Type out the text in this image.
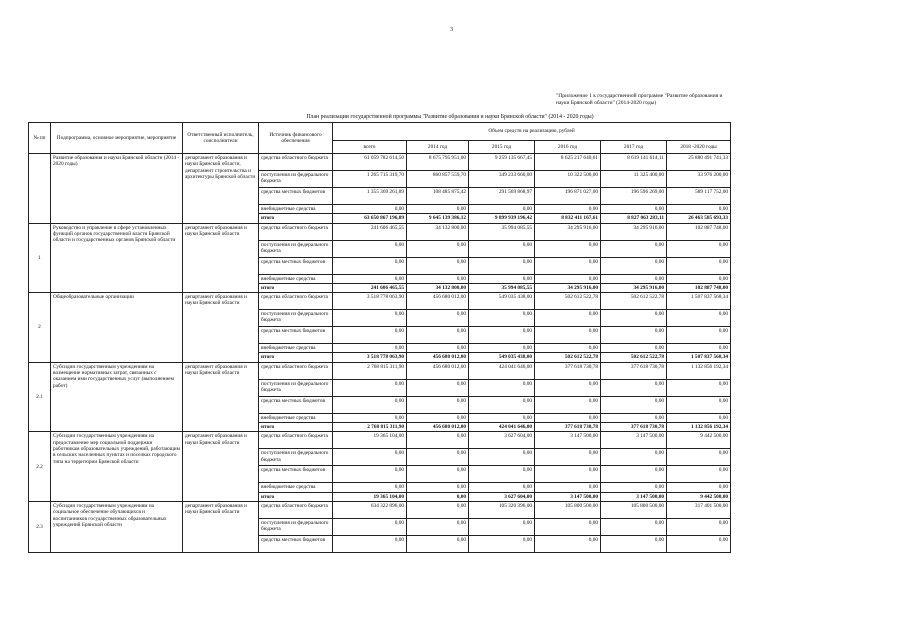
3
"Приложение 1 к государственной программе "Развитие образования и науки Брянской области" (2014-2020 годы)
План реализации государственной программы "Развитие образования и науки Брянской области" (2014 - 2020 годы)
№ пп	Подпрограмма, основное мероприятие, мероприятие	Ответственный исполнитель, соисполнители	Источник финансового обеспечения	Объем средств на реализацию, рублей					
				всего	2014 год	2015 год	2016 год	2017 год	2018 -2020 годы
	Развитие образования и науки Брянской области (2014 - 2020 годы)	департамент образования и науки Брянской области, департамент строительства и архитектуры Брянской области	средства областного бюджета	61 059 782 614,50	8 675 795 951,00	9 259 135 667,45	8 625 217 640,61	8 619 141 614,11	25 880 491 741,33
			поступления из федерального бюджета	1 265 715 319,70	860 857 559,70	349 233 660,00	10 322 500,00	11 325 400,00	33 976 200,00
			средства местных бюджетов	1 355 369 261,89	108 485 875,42	291 569 868,97	196 871 027,00	196 596 269,00	589 117 752,00
			внебюджетные средства	0,00	0,00	0,00	0,00	0,00	0,00
			итого	63 650 867 196,09	9 645 139 386,12	9 899 939 196,42	8 832 411 167,61	8 827 063 283,11	26 463 585 693,33
1	Руководство и управление в сфере установленных функций органов государственной власти Брянской области и государственных органов Брянской области	департамент образования и науки Брянской области	средства областного бюджета	241 606 465,55	34 132 800,00	35 994 085,55	34 295 916,00	34 295 916,00	102 887 748,00
			поступления из федерального бюджета	0,00	0,00	0,00	0,00	0,00	0,00
			средства местных бюджетов	0,00	0,00	0,00	0,00	0,00	0,00
			внебюджетные средства	0,00	0,00	0,00	0,00	0,00	0,00
			итого	241 606 465,55	34 132 800,00	35 994 085,55	34 295 916,00	34 295 916,00	102 887 748,00
2	Общеобразовательные организации	департамент образования и науки Брянской области	средства областного бюджета	3 518 778 063,90	456 680 012,00	549 035 438,00	502 612 522,78	502 612 522,78	1 507 837 568,34
			поступления из федерального бюджета	0,00	0,00	0,00	0,00	0,00	0,00
			средства местных бюджетов	0,00	0,00	0,00	0,00	0,00	0,00
			внебюджетные средства	0,00	0,00	0,00	0,00	0,00	0,00
			итого	3 518 778 063,90	456 680 012,00	549 035 438,00	502 612 522,78	502 612 522,78	1 507 837 568,34
2.1	Субсидии государственным учреждениям на возмещение нормативных затрат, связанных с оказанием ими государственных услуг (выполнением работ)	департамент образования и науки Брянской области	средства областного бюджета	2 768 815 311,90	456 680 012,00	424 041 646,00	377 618 730,78	377 618 730,78	1 132 856 192,34
			поступления из федерального бюджета	0,00	0,00	0,00	0,00	0,00	0,00
			средства местных бюджетов	0,00	0,00	0,00	0,00	0,00	0,00
			внебюджетные средства	0,00	0,00	0,00	0,00	0,00	0,00
			итого	2 768 815 311,90	456 680 012,00	424 041 646,00	377 618 730,78	377 618 730,78	1 132 856 192,34
2.2	Субсидии государственным учреждениям на предоставление мер социальной поддержки работникам образовательных учреждений, работающим в сельских населенных пунктах и поселках городского типа на территории Брянской области	департамент образования и науки Брянской области	средства областного бюджета	19 365 104,00	0,00	3 627 604,00	3 147 500,00	3 147 500,00	9 442 500,00
			поступления из федерального бюджета	0,00	0,00	0,00	0,00	0,00	0,00
			средства местных бюджетов	0,00	0,00	0,00	0,00	0,00	0,00
			внебюджетные средства	0,00	0,00	0,00	0,00	0,00	0,00
			итого	19 365 104,00	0,00	3 627 604,00	3 147 500,00	3 147 500,00	9 442 500,00
2.3	Субсидии государственным учреждениям на социальное обеспечение обучающихся и воспитанников государственных образовательных учреждений Брянской области	департамент образования и науки Брянской области	средства областного бюджета	634 322 896,00	0,00	105 320 396,00	105 800 500,00	105 800 500,00	317 401 500,00
			поступления из федерального бюджета	0,00	0,00	0,00	0,00	0,00	0,00
			средства местных бюджетов	0,00	0,00	0,00	0,00	0,00	0,00
